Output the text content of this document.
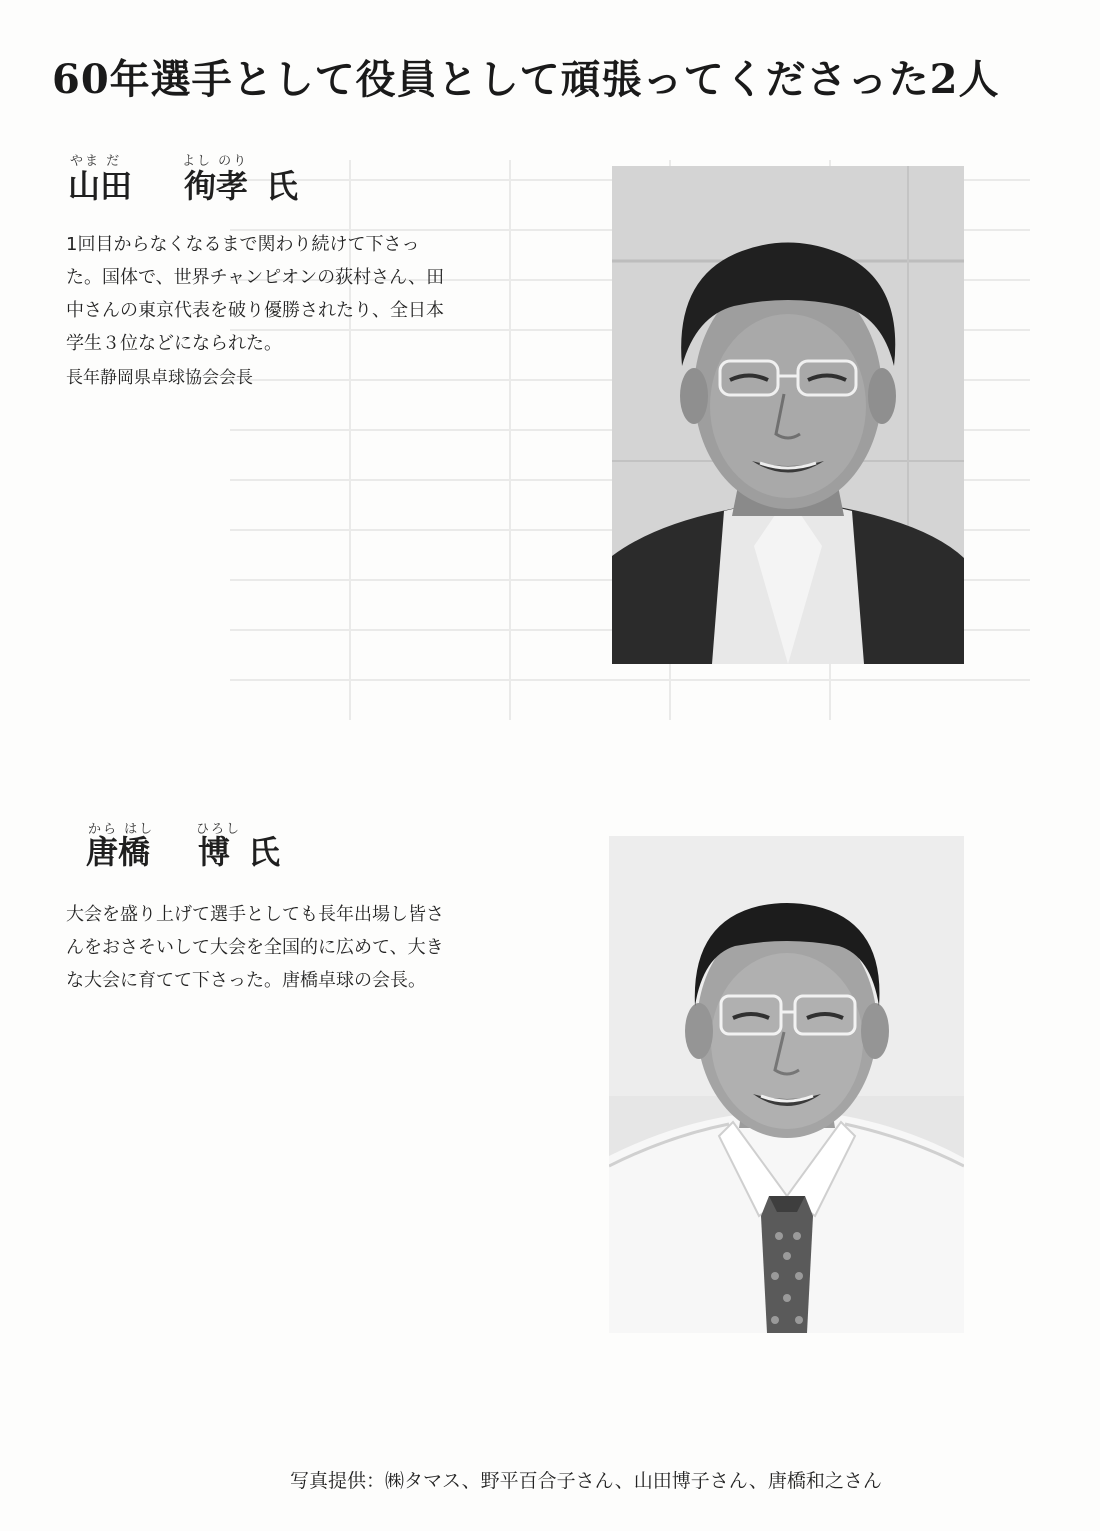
60年選手として役員として頑張ってくださった2人
やま だ	よし のり
山田 徇孝 氏
1回目からなくなるまで関わり続けて下さっ
た。国体で、世界チャンピオンの荻村さん、田
中さんの東京代表を破り優勝されたり、全日本
学生３位などになられた。
長年静岡県卓球協会会長
から はし	ひろし
唐橋 博 氏
大会を盛り上げて選手としても長年出場し皆さ
んをおさそいして大会を全国的に広めて、大き
な大会に育てて下さった。唐橋卓球の会長。
写真提供：㈱タマス、野平百合子さん、山田博子さん、唐橋和之さん
